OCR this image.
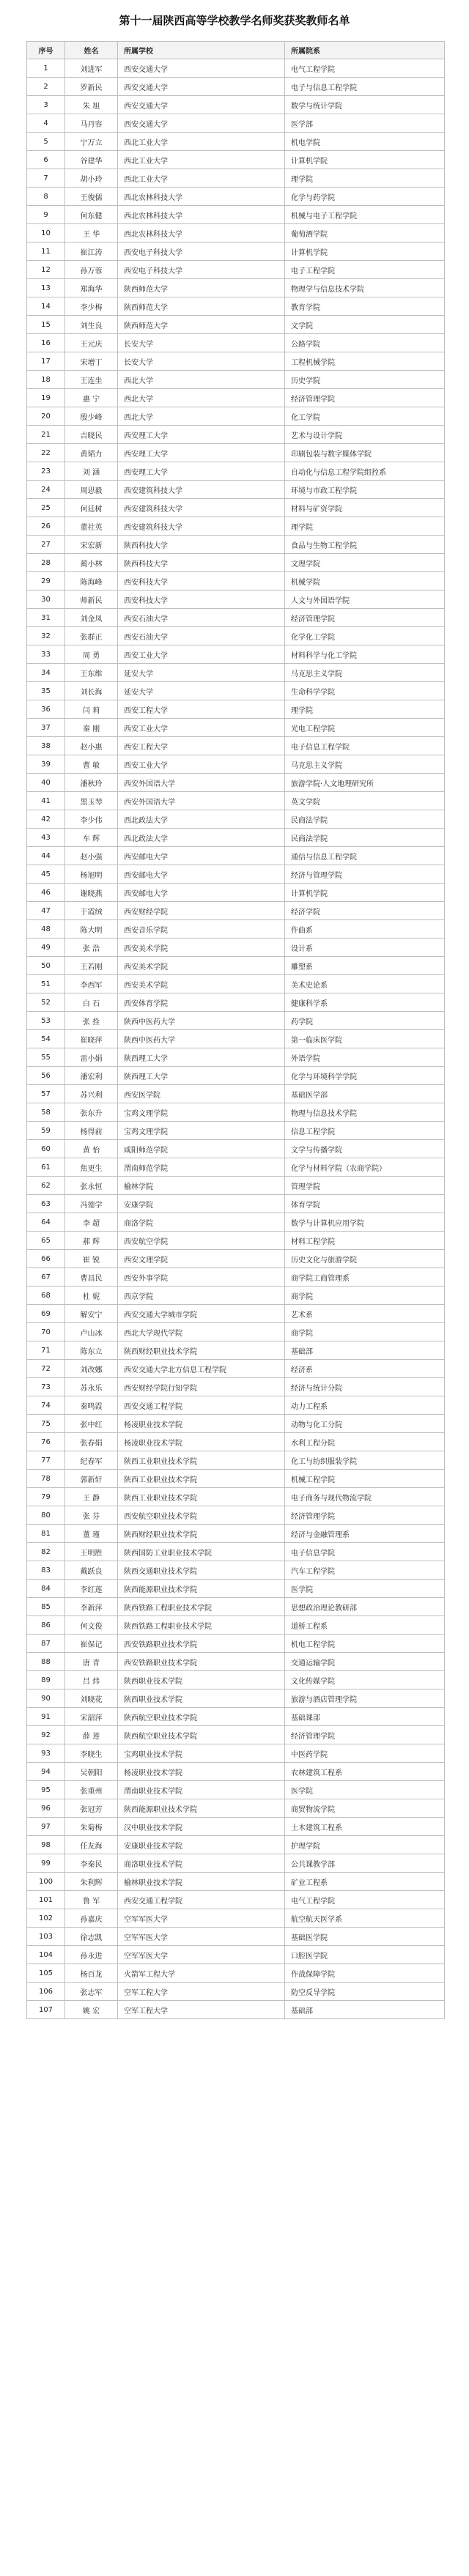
第十一届陕西高等学校教学名师奖获奖教师名单
序号	姓名	所属学校	所属院系
1	刘进军	西安交通大学	电气工程学院
2	罗新民	西安交通大学	电子与信息工程学院
3	朱 旭	西安交通大学	数学与统计学院
4	马丹容	西安交通大学	医学部
5	宁万立	西北工业大学	机电学院
6	谷建华	西北工业大学	计算机学院
7	胡小玲	西北工业大学	理学院
8	王俊儒	西北农林科技大学	化学与药学院
9	何东健	西北农林科技大学	机械与电子工程学院
10	王 华	西北农林科技大学	葡萄酒学院
11	崔江涛	西安电子科技大学	计算机学院
12	孙万蓉	西安电子科技大学	电子工程学院
13	郑海华	陕西师范大学	物理学与信息技术学院
14	李少梅	陕西师范大学	教育学院
15	刘生良	陕西师范大学	文学院
16	王元庆	长安大学	公路学院
17	宋增丁	长安大学	工程机械学院
18	王连坐	西北大学	历史学院
19	惠 宁	西北大学	经济管理学院
20	殷少峰	西北大学	化工学院
21	吉晓民	西安理工大学	艺术与设计学院
22	黄韬力	西安理工大学	印刷包装与数字媒体学院
23	刘 涵	西安理工大学	自动化与信息工程学院组控系
24	周思毅	西安建筑科技大学	环境与市政工程学院
25	何廷树	西安建筑科技大学	材料与矿资学院
26	董社英	西安建筑科技大学	理学院
27	宋宏新	陕西科技大学	食品与生物工程学院
28	蔺小林	陕西科技大学	文理学院
29	陈海峰	西安科技大学	机械学院
30	师新民	西安科技大学	人文与外国语学院
31	刘金凤	西安石油大学	经济管理学院
32	张群正	西安石油大学	化学化工学院
33	周 勇	西安工业大学	材料科学与化工学院
34	王东维	延安大学	马克思主义学院
35	刘长海	延安大学	生命科学学院
36	闫 莉	西安工程大学	理学院
37	秦 刚	西安工业大学	光电工程学院
38	赵小惠	西安工程大学	电子信息工程学院
39	曹 敏	西安工业大学	马克思主义学院
40	潘秋玲	西安外国语大学	旅游学院·人文地理研究所
41	黑玉琴	西安外国语大学	英文学院
42	李少伟	西北政法大学	民商法学院
43	车 辉	西北政法大学	民商法学院
44	赵小强	西安邮电大学	通信与信息工程学院
45	杨旭明	西安邮电大学	经济与管理学院
46	谢晓燕	西安邮电大学	计算机学院
47	于霞绒	西安财经学院	经济学院
48	陈大明	西安音乐学院	作曲系
49	张 浩	西安美术学院	设计系
50	王若刚	西安美术学院	雕塑系
51	李西军	西安美术学院	美术史论系
52	白 石	西安体育学院	健康科学系
53	张 拴	陕西中医药大学	药学院
54	崔晓萍	陕西中医药大学	第一临床医学院
55	雷小娟	陕西理工大学	外语学院
56	潘宏利	陕西理工大学	化学与环境科学学院
57	苏兴利	西安医学院	基础医学部
58	张东升	宝鸡文理学院	物理与信息技术学院
59	杨得前	宝鸡文理学院	信息工程学院
60	黄 怡	咸阳师范学院	文学与传播学院
61	焦更生	渭南师范学院	化学与材料学院（农商学院）
62	张永恒	榆林学院	管理学院
63	冯德学	安康学院	体育学院
64	李 超	商洛学院	数学与计算机应用学院
65	郝 辉	西安航空学院	材料工程学院
66	崔 锐	西安文理学院	历史文化与旅游学院
67	曹昌民	西安外事学院	商学院工商管理系
68	杜 妮	西京学院	商学院
69	解安宁	西安交通大学城市学院	艺术系
70	卢山冰	西北大学现代学院	商学院
71	陈东立	陕西财经职业技术学院	基础部
72	刘改娜	西安交通大学北方信息工程学院	经济系
73	苏永乐	西安财经学院行知学院	经济与统计分院
74	秦鸣霞	西安交通工程学院	动力工程系
75	张中红	杨凌职业技术学院	动物与化工分院
76	张春娟	杨凌职业技术学院	水利工程分院
77	纪春军	陕西工业职业技术学院	化工与纺织服装学院
78	郭新轩	陕西工业职业技术学院	机械工程学院
79	王 静	陕西工业职业技术学院	电子商务与现代物流学院
80	张 芬	西安航空职业技术学院	经济管理学院
81	董 瑾	陕西财经职业技术学院	经济与金融管理系
82	王明胜	陕西国防工业职业技术学院	电子信息学院
83	戴跃良	陕西交通职业技术学院	汽车工程学院
84	李红莲	陕西能源职业技术学院	医学院
85	李新萍	陕西铁路工程职业技术学院	思想政治理论教研部
86	何文俊	陕西铁路工程职业技术学院	道桥工程系
87	崔保记	西安铁路职业技术学院	机电工程学院
88	唐 青	西安铁路职业技术学院	交通运输学院
89	吕 炜	陕西职业技术学院	文化传媒学院
90	刘晓花	陕西职业技术学院	旅游与酒店管理学院
91	宋韶萍	陕西航空职业技术学院	基础课部
92	薛 莲	陕西航空职业技术学院	经济管理学院
93	李晓生	宝鸡职业技术学院	中医药学院
94	吴朝阳	杨凌职业技术学院	农林建筑工程系
95	张重州	渭南职业技术学院	医学院
96	张冠芳	陕西能源职业技术学院	商贸物流学院
97	朱菊梅	汉中职业技术学院	土木建筑工程系
98	任友海	安康职业技术学院	护理学院
99	李秦民	商洛职业技术学院	公共课教学部
100	朱利辉	榆林职业技术学院	矿业工程系
101	鲁 军	西安交通工程学院	电气工程学院
102	孙嘉庆	空军军医大学	航空航天医学系
103	徐志凯	空军军医大学	基础医学院
104	孙永进	空军军医大学	口腔医学院
105	杨百龙	火箭军工程大学	作战保障学院
106	张志军	空军工程大学	防空反导学院
107	姚 宏	空军工程大学	基础部
